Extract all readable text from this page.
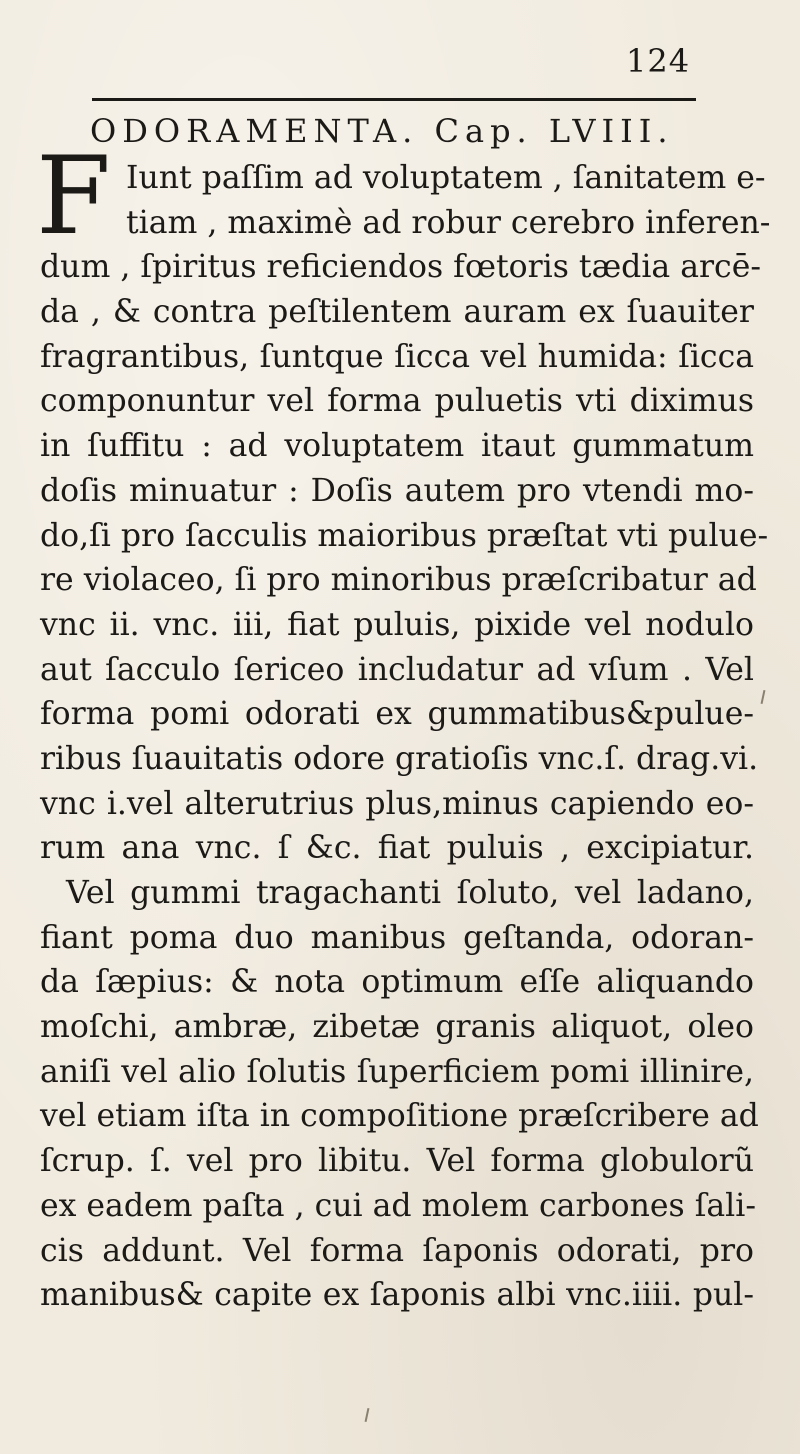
124
ODORAMENTA. Cap. LVIII.
F Iunt paſſim ad voluptatem , ſanitatem e-
tiam , maximè ad robur cerebro inferen-
dum , ſpiritus reficiendos fœtoris tædia arcē-
da , & contra peſtilentem auram ex ſuauiter
fragrantibus, ſuntque ſicca vel humida: ſicca
componuntur vel forma puluetis vti diximus
in ſuffitu : ad voluptatem itaut gummatum
doſis minuatur : Doſis autem pro vtendi mo-
do,ſi pro ſacculis maioribus præſtat vti pulue-
re violaceo, ſi pro minoribus præſcribatur ad
vnc ii. vnc. iii, fiat puluis, pixide vel nodulo
aut ſacculo ſericeo includatur ad vſum . Vel
forma pomi odorati ex gummatibus&pulue-
ribus ſuauitatis odore gratioſis vnc.ſ. drag.vi.
vnc i.vel alterutrius plus,minus capiendo eo-
rum ana vnc. ſ &c. fiat puluis , excipiatur.
Vel gummi tragachanti ſoluto, vel ladano,
fiant poma duo manibus geſtanda, odoran-
da ſæpius: & nota optimum eſſe aliquando
moſchi, ambræ, zibetæ granis aliquot, oleo
aniſi vel alio ſolutis ſuperficiem pomi illinire,
vel etiam iſta in compoſitione præſcribere ad
ſcrup. ſ. vel pro libitu. Vel forma globulorũ
ex eadem paſta , cui ad molem carbones ſali-
cis addunt. Vel forma ſaponis odorati, pro
manibus& capite ex ſaponis albi vnc.iiii. pul-
